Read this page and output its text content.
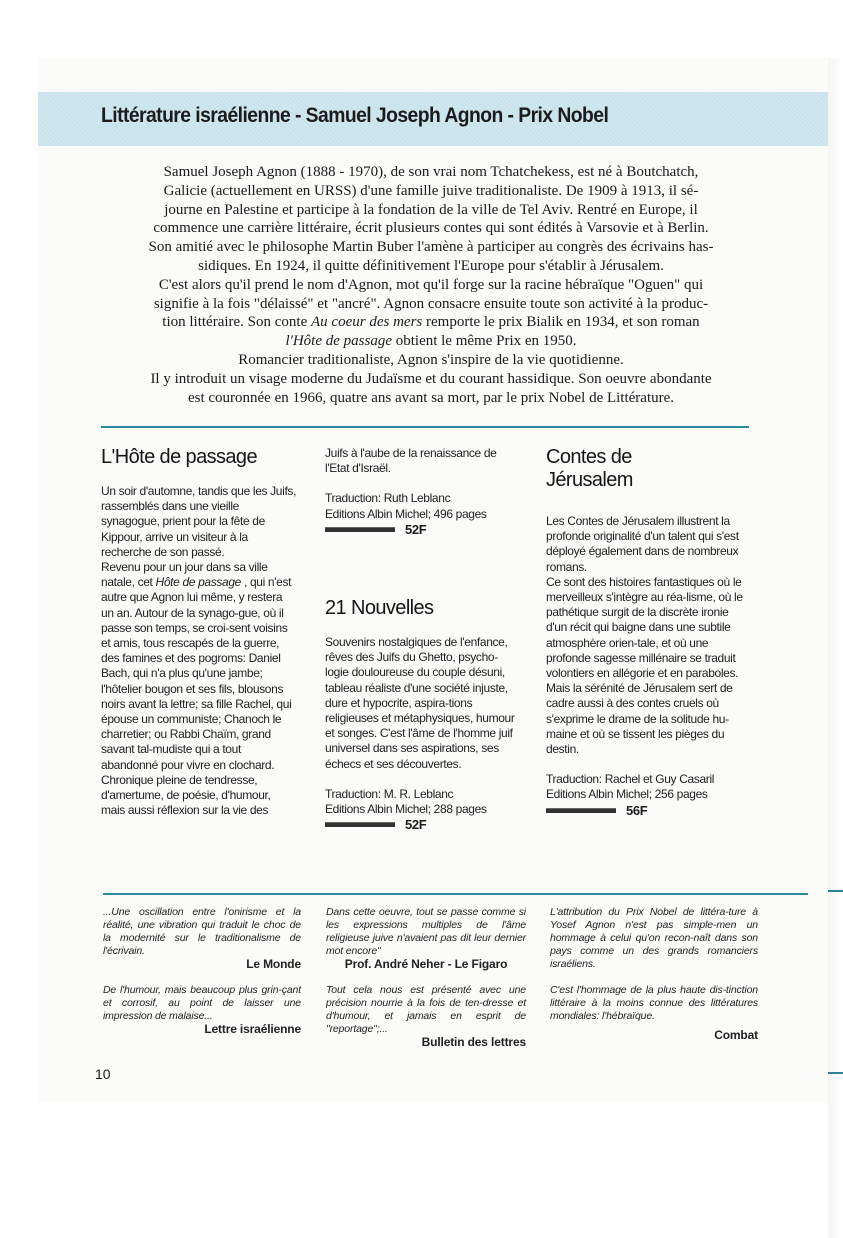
Littérature israélienne - Samuel Joseph Agnon - Prix Nobel

Samuel Joseph Agnon (1888 - 1970), de son vrai nom Tchatchekess, est né à Boutchatch,

Galicie (actuellement en URSS) d'une famille juive traditionaliste. De 1909 à 1913, il sé-

journe en Palestine et participe à la fondation de la ville de Tel Aviv. Rentré en Europe, il

commence une carrière littéraire, écrit plusieurs contes qui sont édités à Varsovie et à Berlin.

Son amitié avec le philosophe Martin Buber l'amène à participer au congrès des écrivains has-

sidiques. En 1924, il quitte définitivement l'Europe pour s'établir à Jérusalem.

C'est alors qu'il prend le nom d'Agnon, mot qu'il forge sur la racine hébraïque "Oguen" qui

signifie à la fois "délaissé" et "ancré". Agnon consacre ensuite toute son activité à la produc-

tion littéraire. Son conte Au coeur des mers remporte le prix Bialik en 1934, et son roman

l'Hôte de passage obtient le même Prix en 1950.

Romancier traditionaliste, Agnon s'inspire de la vie quotidienne.

Il y introduit un visage moderne du Judaïsme et du courant hassidique. Son oeuvre abondante

est couronnée en 1966, quatre ans avant sa mort, par le prix Nobel de Littérature.

L'Hôte de passage

Un soir d'automne, tandis que les Juifs, rassemblés dans une vieille synagogue, prient pour la fête de Kippour, arrive un visiteur à la recherche de son passé.

Revenu pour un jour dans sa ville natale, cet Hôte de passage , qui n'est autre que Agnon lui même, y restera un an. Autour de la synago-gue, où il passe son temps, se croi-sent voisins et amis, tous rescapés de la guerre, des famines et des pogroms: Daniel Bach, qui n'a plus qu'une jambe; l'hôtelier bougon et ses fils, blousons noirs avant la lettre; sa fille Rachel, qui épouse un communiste; Chanoch le charretier; ou Rabbi Chaïm, grand savant tal-mudiste qui a tout abandonné pour vivre en clochard.

Chronique pleine de tendresse, d'amertume, de poésie, d'humour, mais aussi réflexion sur la vie des

Juifs à l'aube de la renaissance de l'Etat d'Israël.

Traduction: Ruth Leblanc

Editions Albin Michel; 496 pages

52F
21 Nouvelles

Souvenirs nostalgiques de l'enfance, rêves des Juifs du Ghetto, psycho-logie douloureuse du couple désuni, tableau réaliste d'une société injuste, dure et hypocrite, aspira-tions religieuses et métaphysiques, humour et songes. C'est l'âme de l'homme juif universel dans ses aspirations, ses échecs et ses découvertes.

Traduction: M. R. Leblanc

Editions Albin Michel; 288 pages

52F
Contes de Jérusalem

Les Contes de Jérusalem illustrent la profonde originalité d'un talent qui s'est déployé également dans de nombreux romans.

Ce sont des histoires fantastiques où le merveilleux s'intègre au réa-lisme, où le pathétique surgit de la discrète ironie d'un récit qui baigne dans une subtile atmosphère orien-tale, et où une profonde sagesse millénaire se traduit volontiers en allégorie et en paraboles. Mais la sérénité de Jérusalem sert de cadre aussi à des contes cruels où s'exprime le drame de la solitude hu-maine et où se tissent les pièges du destin.

Traduction: Rachel et Guy Casaril

Editions Albin Michel; 256 pages

56F

...Une oscillation entre l'onirisme et la réalité, une vibration qui traduit le choc de la modernité sur le traditionalisme de l'écrivain.

Le Monde

De l'humour, mais beaucoup plus grin-çant et corrosif, au point de laisser une impression de malaise...

Lettre israélienne

Dans cette oeuvre, tout se passe comme si les expressions multiples de l'âme religieuse juive n'avaient pas dit leur dernier mot encore"

Prof. André Neher - Le Figaro

Tout cela nous est présenté avec une précision nourrie à la fois de ten-dresse et d'humour, et jamais en esprit de "reportage";...

Bulletin des lettres

L'attribution du Prix Nobel de littéra-ture à Yosef Agnon n'est pas simple-men un hommage à celui qu'on recon-naît dans son pays comme un des grands romanciers israéliens.

C'est l'hommage de la plus haute dis-tinction littéraire à la moins connue des littératures mondiales: l'hébraïque.

Combat

10
